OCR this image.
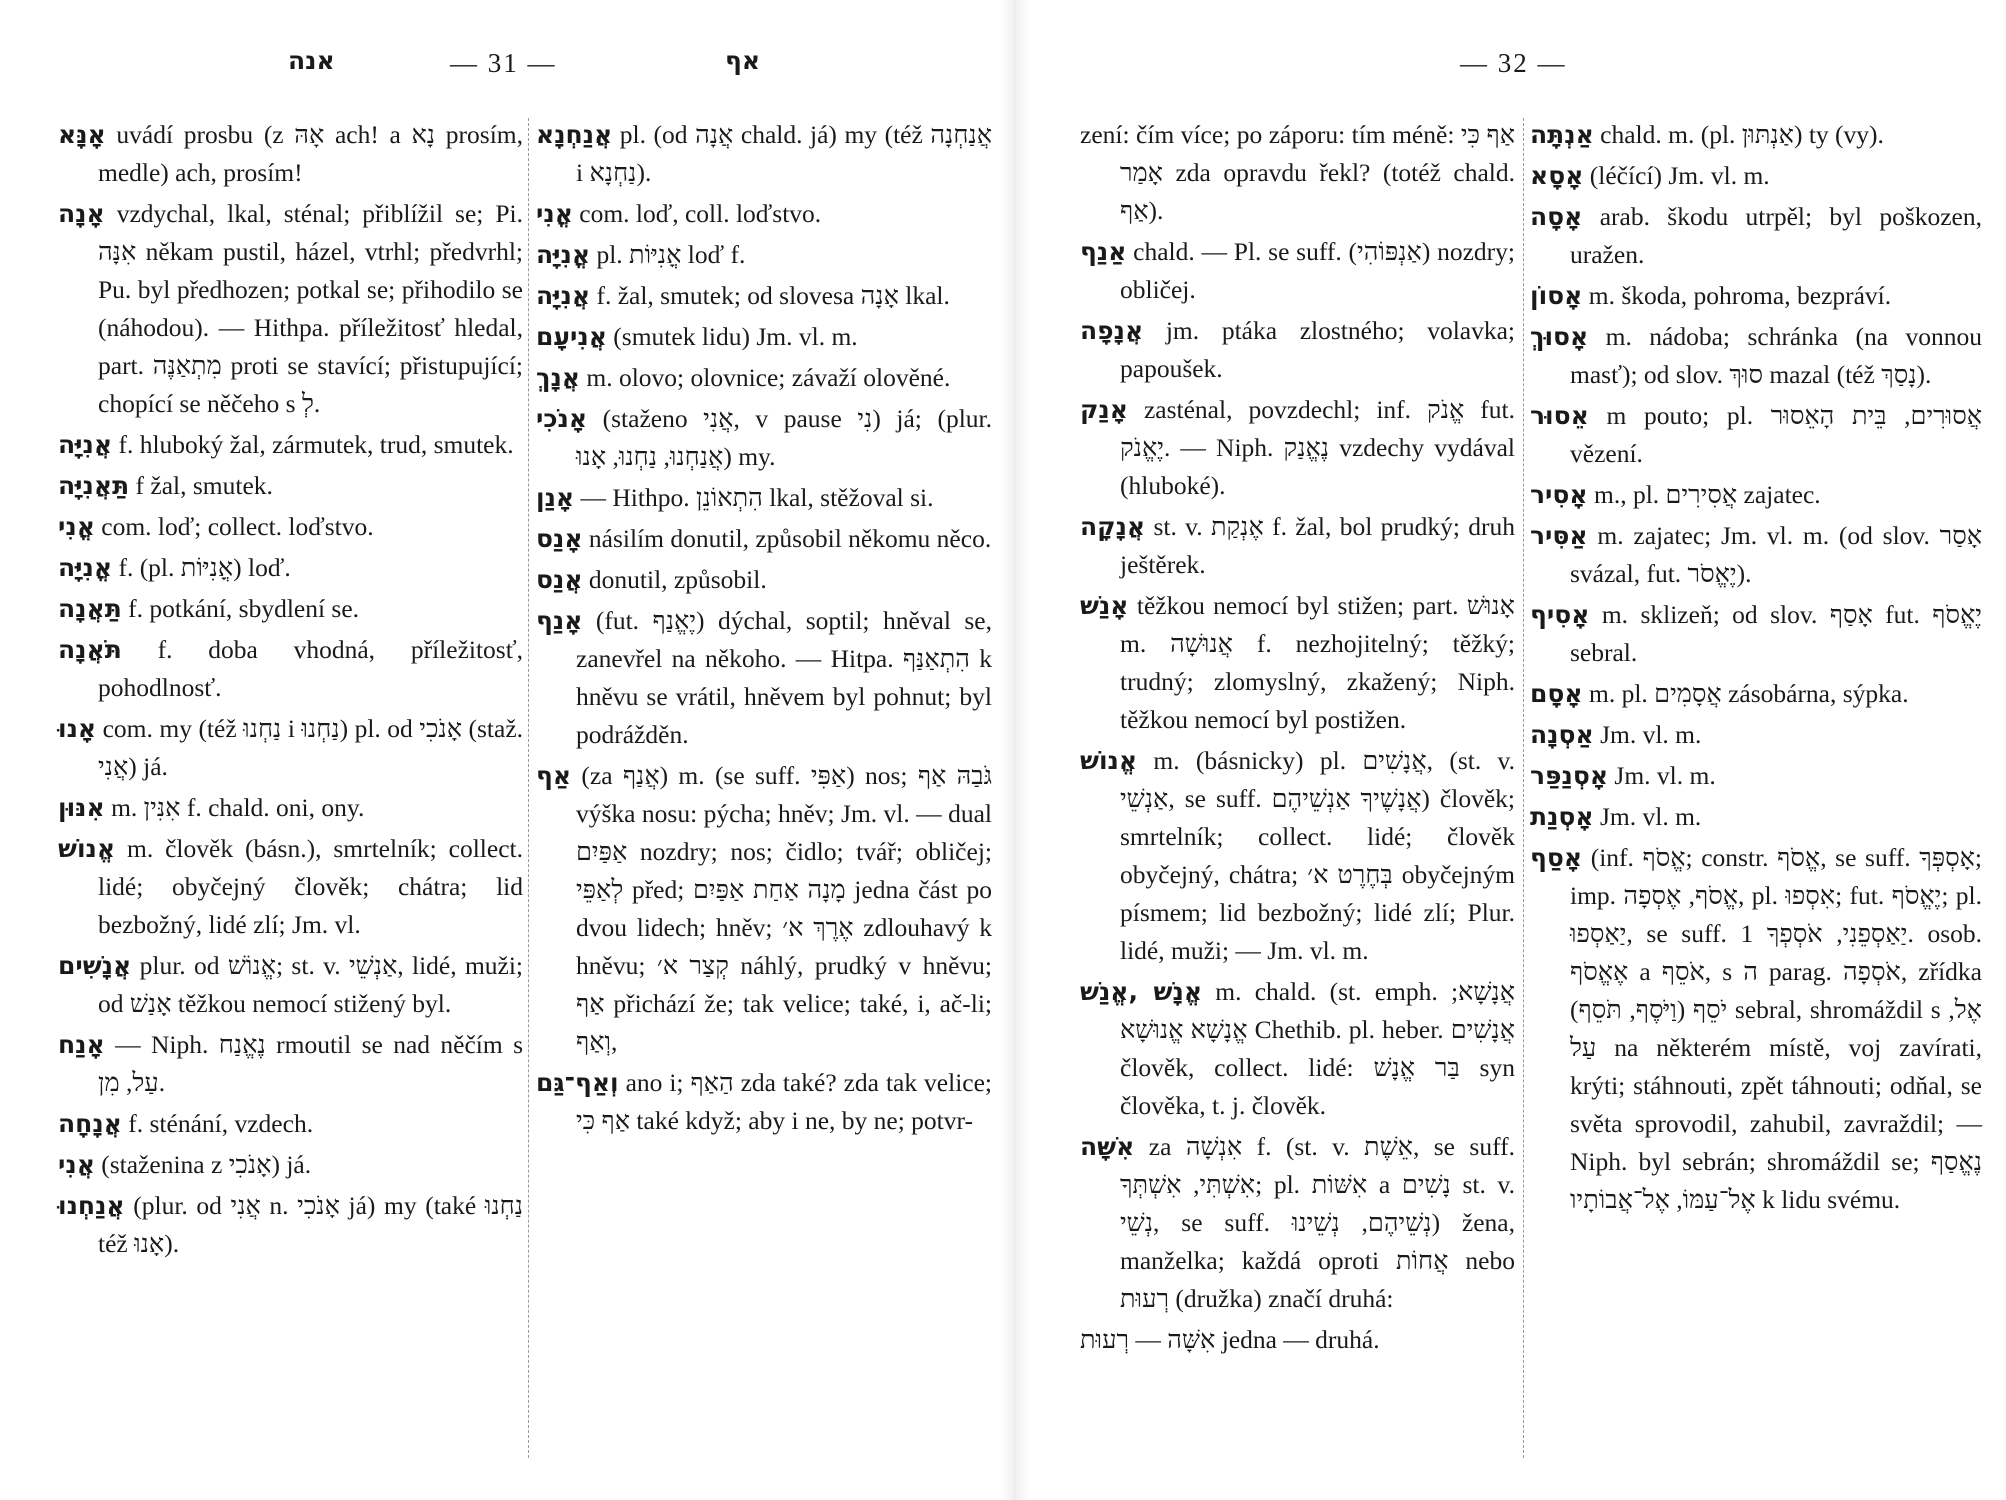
אנה	— 31 —	אף

אָנָּא uvádí prosbu (z אָהּ ach! a נָא prosím, medle) ach, prosím!

אָנָה vzdychal, lkal, sténal; přiblížil se; Pi. אִנָּה někam pustil, házel, vtrhl; předvrhl; Pu. byl předhozen; potkal se; přihodilo se (náhodou). — Hithpa. příležitosť hledal, part. מִתְאַנֶּה proti se stavící; přistupující; chopící se něčeho s לְ.

אֲנִיָּה f. hluboký žal, zármutek, trud, smutek.

תַּאֲנִיָּה f žal, smutek.

אֳנִי com. loď; collect. loďstvo.

אֳנִיָּה f. (pl. אֳנִיּוֹת) loď.

תַּאֲנָה f. potkání, sbydlení se.

תֹּאֲנָה f. doba vhodná, příležitosť, pohodlnosť.

אָנוּ com. my (též נַחְנוּ i נַחְנוּ) pl. od אָנֹכִי (staž. אֲנִי) já.

אִנּוּן m. אִנִּין f. chald. oni, ony.

אֱנוֹשׁ m. člověk (básn.), smrtelník; collect. lidé; obyčejný člověk; chátra; lid bezbožný, lidé zlí; Jm. vl.

אֲנָשִׁים plur. od אֱנוֹשׁ; st. v. אַנְשֵׁי, lidé, muži; od אָנַשׁ těžkou nemocí stižený byl.

אָנַח — Niph. נֶאֱנַח rmoutil se nad něčím s עַל, מִן.

אֲנָחָה f. sténání, vzdech.

אֲנִי (staženina z אָנֹכִי) já.

אֲנַחְנוּ (plur. od אֲנִי n. אָנֹכִי já) my (také נַחְנוּ též אָנוּ).

אֲנַחְנָא pl. (od אֲנָה chald. já) my (též אֲנַחְנָה i נַחְנָא).

אֳנִי com. loď, coll. loďstvo.

אֳנִיָּה pl. אֳנִיּוֹת loď f.

אֲנִיָּה f. žal, smutek; od slovesa אָנָה lkal.

אֲנִיעָם (smutek lidu) Jm. vl. m.

אֲנָךְ m. olovo; olovnice; závaží olověné.

אָנֹכִי (staženo אֲנִי, v pause נִי) já; (plur. אֲנַחְנוּ, נַחְנוּ, אָנוּ) my.

אָנַן — Hithpo. הִתְאוֹנֵן lkal, stěžoval si.

אָנַס násilím donutil, způsobil někomu něco.

אֲנַס donutil, způsobil.

אָנַף (fut. יֶאֱנַף) dýchal, soptil; hněval se, zanevřel na někoho. — Hitpa. הִתְאַנַּף k hněvu se vrátil, hněvem byl pohnut; byl podrážděn.

אַף (za אֲנַף) m. (se suff. אַפִּי) nos; גֹּבַהּ אַף výška nosu: pýcha; hněv; Jm. vl. — dual אַפַּיִם nozdry; nos; čidlo; tvář; obličej; לְאַפֵּי před; מָנָה אַחַת אַפַּיִם jedna část po dvou lidech; hněv; אֶרֶךְ א׳ zdlouhavý k hněvu; קְצַר א׳ náhlý, prudký v hněvu; אַף přichází že; tak velice; také, i, ač-li; וְאַף,

וְאַף־גַּם ano i; הַאַף zda také? zda tak velice; אַף כִּי také když; aby i ne, by ne; potvr-

— 32 —

zení: čím více; po záporu: tím méně: אַף כִּי אָמַר zda opravdu řekl? (totéž chald. אַף).

אַנַף chald. — Pl. se suff. (אַנְפּוֹהִי) nozdry; obličej.

אֲנָפָה jm. ptáka zlostného; volavka; papoušek.

אָנַק zasténal, povzdechl; inf. אֱנֹק fut. יֶאֱנֹק. — Niph. נֶאֱנַק vzdechy vydával (hluboké).

אֲנָקָה st. v. אֶנְקַת f. žal, bol prudký; druh ještěrek.

אָנַשׁ těžkou nemocí byl stižen; part. אָנוּשׁ m. אֲנוּשָׁה f. nezhojitelný; těžký; trudný; zlomyslný, zkažený; Niph. těžkou nemocí byl postižen.

אֱנוֹשׁ m. (básnicky) pl. אֲנָשִׁים, (st. v. אַנְשֵׁי, se suff. אֲנָשֶׁיךָ אַנְשֵׁיהֶם) člověk; smrtelník; collect. lidé; člověk obyčejný, chátra; בְּחֶרֶט א׳ obyčejným písmem; lid bezbožný; lidé zlí; Plur. lidé, muži; — Jm. vl. m.

אֱנָשׁ ,אֱנַשׁ m. chald. (st. emph. אֲנָשָׁא; אֱנָשָׁא אֱנוּשָׁא Chethib. pl. heber. אֲנָשִׁים člověk, collect. lidé: בַּר אֱנָשׁ syn člověka, t. j. člověk.

אִשָּׁה za אִנְשָׁה f. (st. v. אֵשֶׁת, se suff. אִשְׁתִּי, אִשְׁתְּךָ; pl. אִשּׁוֹת a נָשִׁים st. v. נְשֵׁי, se suff. נְשֵׁיהֶם, נְשֵׁינוּ) žena, manželka; každá oproti אֲחוֹת nebo רְעוּת (družka) značí druhá:

אִשָּׁה — רְעוּת jedna — druhá.

אַנְתָּה chald. m. (pl. אַנְתּוּן) ty (vy).

אָסָא (léčící) Jm. vl. m.

אָסָה arab. škodu utrpěl; byl poškozen, uražen.

אָסוֹן m. škoda, pohroma, bezpráví.

אָסוּךְ m. nádoba; schránka (na vonnou masť); od slov. סוּךְ mazal (též נָסַךְ).

אֵסוּר m pouto; pl. אֲסוּרִים, בֵּית הָאֵסוּר vězení.

אָסִיר m., pl. אֲסִירִים zajatec.

אַסִּיר m. zajatec; Jm. vl. m. (od slov. אָסַר svázal, fut. יֶאֱסֹר).

אָסִיף m. sklizeň; od slov. אָסַף fut. יֶאֱסֹף sebral.

אָסָם m. pl. אֲסָמִים zásobárna, sýpka.

אַסְנָה Jm. vl. m.

אָסְנַפַּר Jm. vl. m.

אָסְנַת Jm. vl. m.

אָסַף (inf. אֱסֹף; constr. אֱסֹף, se suff. אָסְפְּךָ; imp. אֱסֹף, אֶסְפָה, pl. אִסְפוּ; fut. יֶאֱסֹף; pl. יַאַסְפוּ, se suff. יַאַסְפֵנִי, אֹסְפְךָ 1. osob. אֶאֱסֹף a אֹסֵף, s ה parag. אֹסְפָה, zřídka יֹסֵף (וַיֹּסֶף, תֹּסֵף) sebral, shromáždil s אֶל, עַל na některém místě, voj zavírati, krýti; stáhnouti, zpět táhnouti; odňal, se světa sprovodil, zahubil, zavraždil; — Niph. byl sebrán; shromáždil se; נֶאֱסַף אֶל־עַמּוֹ, אֶל־אֲבוֹתָיו k lidu svému.
